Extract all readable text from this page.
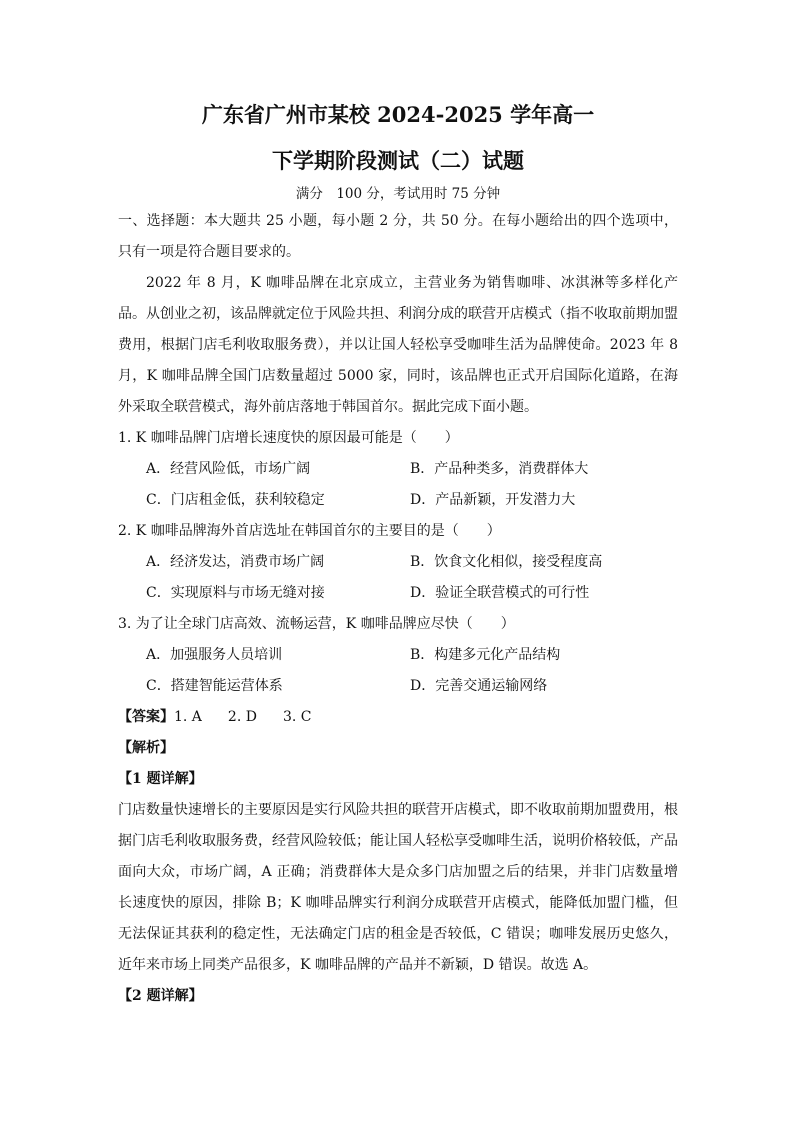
广东省广州市某校 2024-2025 学年高一
下学期阶段测试（二）试题
满分　100 分，考试用时 75 分钟

一、选择题：本大题共 25 小题，每小题 2 分，共 50 分。在每小题给出的四个选项中，只有一项是符合题目要求的。

2022 年 8 月，K 咖啡品牌在北京成立，主营业务为销售咖啡、冰淇淋等多样化产品。从创业之初，该品牌就定位于风险共担、利润分成的联营开店模式（指不收取前期加盟费用，根据门店毛利收取服务费），并以让国人轻松享受咖啡生活为品牌使命。2023 年 8 月，K 咖啡品牌全国门店数量超过 5000 家，同时，该品牌也正式开启国际化道路，在海外采取全联营模式，海外前店落地于韩国首尔。据此完成下面小题。

1. K 咖啡品牌门店增长速度快的原因最可能是（　　）

A．经营风险低，市场广阔	B．产品种类多，消费群体大
C．门店租金低，获利较稳定	D．产品新颖，开发潜力大

2. K 咖啡品牌海外首店选址在韩国首尔的主要目的是（　　）

A．经济发达，消费市场广阔	B．饮食文化相似，接受程度高
C．实现原料与市场无缝对接	D．验证全联营模式的可行性

3. 为了让全球门店高效、流畅运营，K 咖啡品牌应尽快（　　）

A．加强服务人员培训	B．构建多元化产品结构
C．搭建智能运营体系	D．完善交通运输网络
【答案】 1. A 2. D 3. C

【解析】

【1 题详解】

门店数量快速增长的主要原因是实行风险共担的联营开店模式，即不收取前期加盟费用，根据门店毛利收取服务费，经营风险较低；能让国人轻松享受咖啡生活，说明价格较低，产品面向大众，市场广阔，A 正确；消费群体大是众多门店加盟之后的结果，并非门店数量增长速度快的原因，排除 B；K 咖啡品牌实行利润分成联营开店模式，能降低加盟门槛，但无法保证其获利的稳定性，无法确定门店的租金是否较低，C 错误；咖啡发展历史悠久，近年来市场上同类产品很多，K 咖啡品牌的产品并不新颖，D 错误。故选 A。

【2 题详解】
